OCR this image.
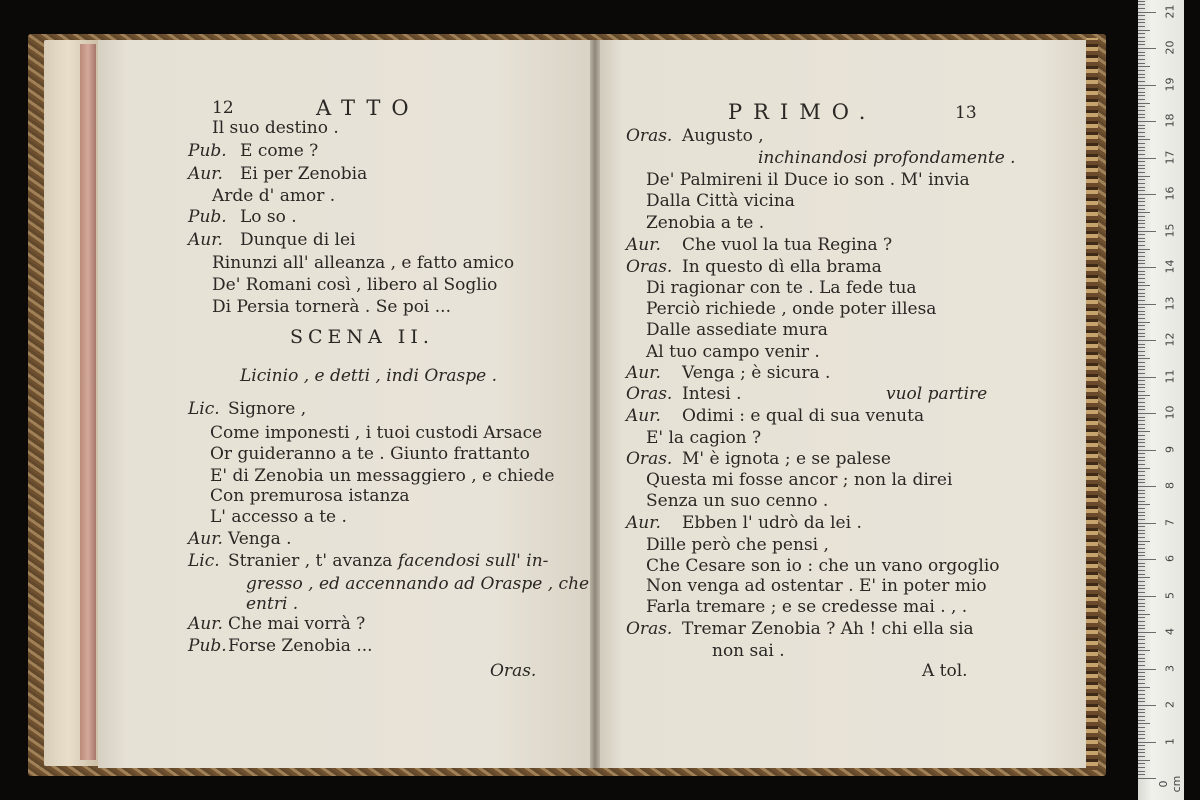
12	ATTO
Il suo destino .
Pub. E come ?
Aur. Ei per Zenobia
Arde d' amor .
Pub. Lo so .
Aur. Dunque di lei
Rinunzi all' alleanza , e fatto amico
De' Romani così , libero al Soglio
Di Persia tornerà . Se poi ...
SCENA II.
Licinio , e detti , indi Oraspe .
Lic. Signore ,
Come imponesti , i tuoi custodi Arsace
Or guideranno a te . Giunto frattanto
E' di Zenobia un messaggiero , e chiede
Con premurosa istanza
L' accesso a te .
Aur. Venga .
Lic. Stranier , t' avanza .
facendosi sull' in-
gresso , ed accennando ad Oraspe , che
entri .
Aur. Che mai vorrà ?
Pub. Forse Zenobia ...
Oras.
PRIMO.	13
Oras. Augusto ,
inchinandosi profondamente .
De' Palmireni il Duce io son . M' invia
Dalla Città vicina
Zenobia a te .
Aur. Che vuol la tua Regina ?
Oras. In questo dì ella brama
Di ragionar con te . La fede tua
Perciò richiede , onde poter illesa
Dalle assediate mura
Al tuo campo venir .
Aur. Venga ; è sicura .
Oras. Intesi .	vuol partire
Aur. Odimi : e qual di sua venuta
E' la cagion ?
Oras. M' è ignota ; e se palese
Questa mi fosse ancor ; non la direi
Senza un suo cenno .
Aur. Ebben l' udrò da lei .
Dille però che pensi ,
Che Cesare son io : che un vano orgoglio
Non venga ad ostentar . E' in poter mio
Farla tremare ; e se credesse mai . , .
Oras. Tremar Zenobia ? Ah ! chi ella sia
non sai .
A tol.
0 cm
1
2
3
4
5
6
7
8
9
10
11
12
13
14
15
16
17
18
19
20
21
